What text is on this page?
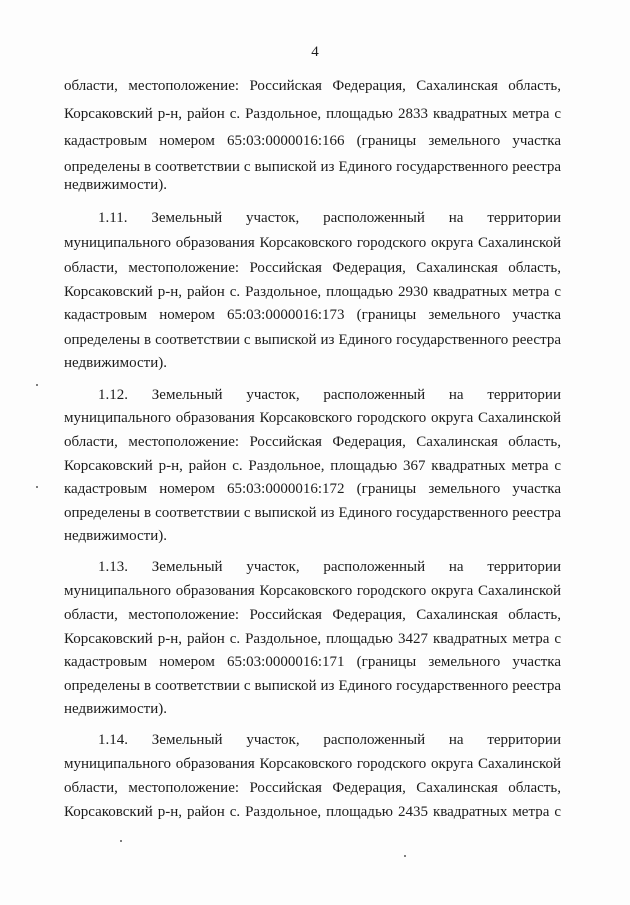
4
области, местоположение: Российская Федерация, Сахалинская область,
Корсаковский р-н, район с. Раздольное, площадью 2833 квадратных метра с
кадастровым номером 65:03:0000016:166 (границы земельного участка
определены в соответствии с выпиской из Единого государственного реестра
недвижимости).
1.11. Земельный участок, расположенный на территории
муниципального образования Корсаковского городского округа Сахалинской
области, местоположение: Российская Федерация, Сахалинская область,
Корсаковский р-н, район с. Раздольное, площадью 2930 квадратных метра с
кадастровым номером 65:03:0000016:173 (границы земельного участка
определены в соответствии с выпиской из Единого государственного реестра
недвижимости).
1.12. Земельный участок, расположенный на территории
муниципального образования Корсаковского городского округа Сахалинской
области, местоположение: Российская Федерация, Сахалинская область,
Корсаковский р-н, район с. Раздольное, площадью 367 квадратных метра с
кадастровым номером 65:03:0000016:172 (границы земельного участка
определены в соответствии с выпиской из Единого государственного реестра
недвижимости).
1.13. Земельный участок, расположенный на территории
муниципального образования Корсаковского городского округа Сахалинской
области, местоположение: Российская Федерация, Сахалинская область,
Корсаковский р-н, район с. Раздольное, площадью 3427 квадратных метра с
кадастровым номером 65:03:0000016:171 (границы земельного участка
определены в соответствии с выпиской из Единого государственного реестра
недвижимости).
1.14. Земельный участок, расположенный на территории
муниципального образования Корсаковского городского округа Сахалинской
области, местоположение: Российская Федерация, Сахалинская область,
Корсаковский р-н, район с. Раздольное, площадью 2435 квадратных метра с
